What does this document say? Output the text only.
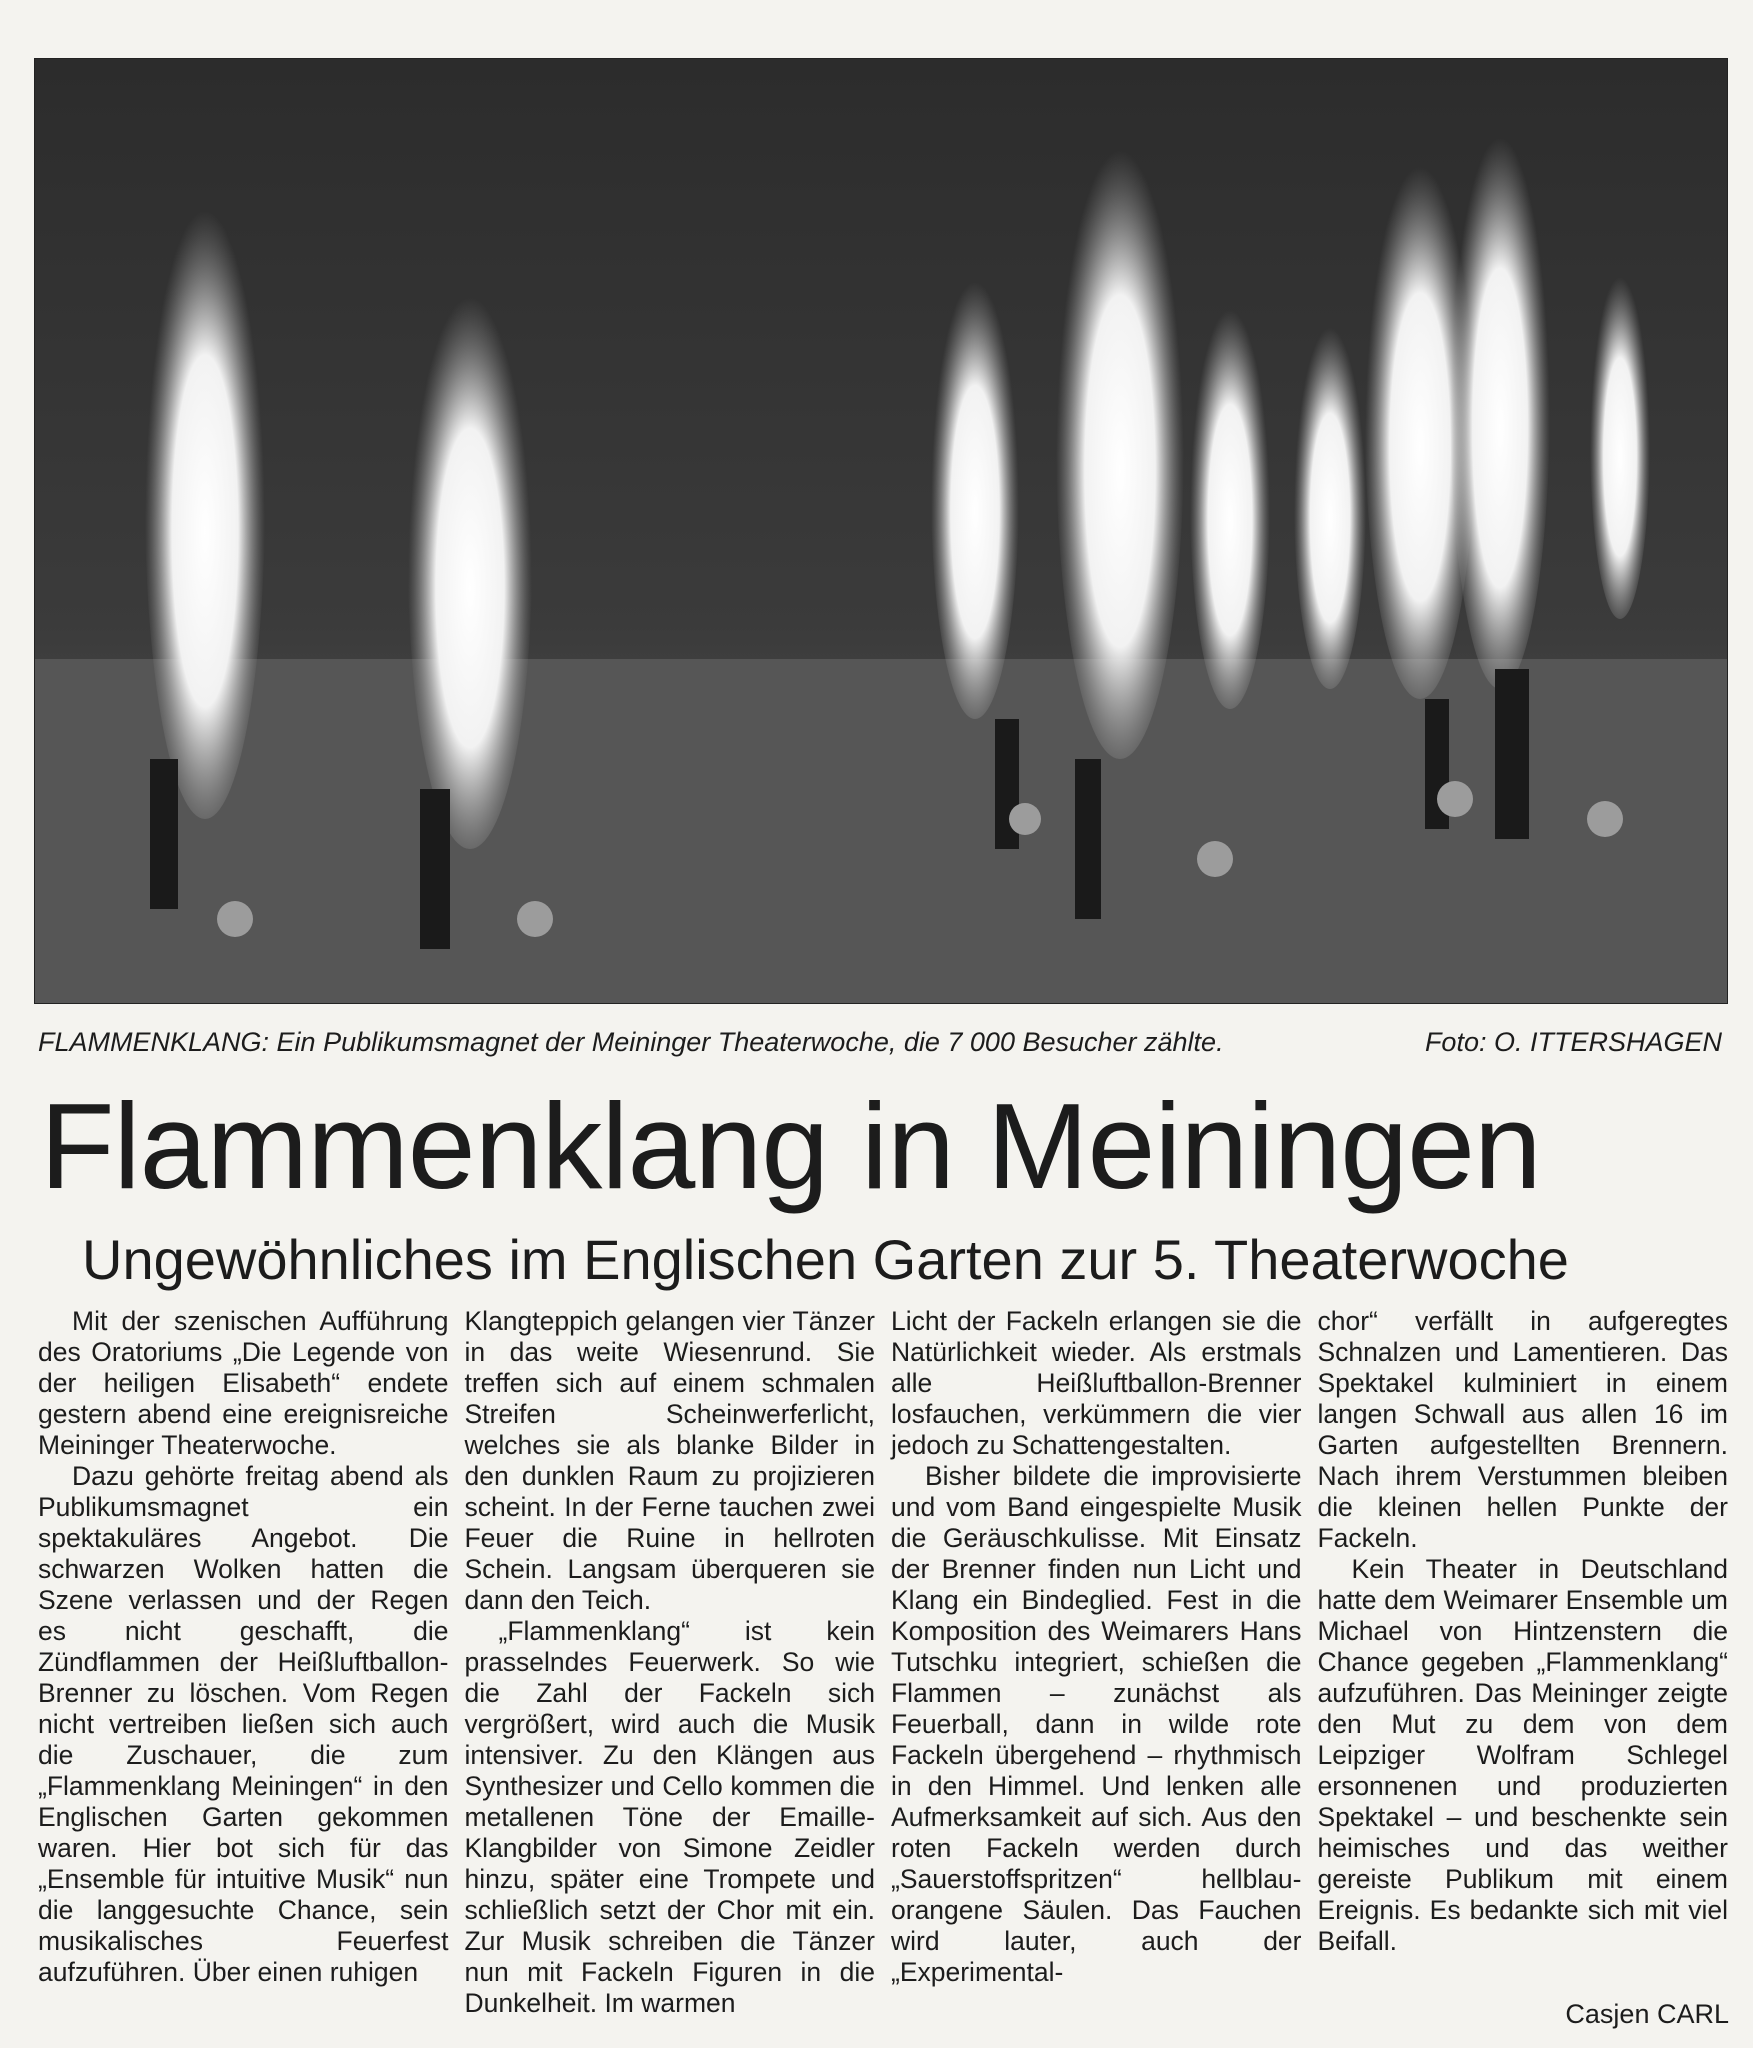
FLAMMENKLANG: Ein Publikumsmagnet der Meininger Theaterwoche, die 7 000 Besucher zählte.	Foto: O. ITTERSHAGEN
Flammenklang in Meiningen
Ungewöhnliches im Englischen Garten zur 5. Theaterwoche

Mit der szenischen Aufführung des Oratoriums „Die Legende von der heiligen Elisabeth“ endete gestern abend eine ereignisreiche Meininger Theaterwoche.

Dazu gehörte freitag abend als Publikumsmagnet ein spektakuläres Angebot. Die schwarzen Wolken hatten die Szene verlassen und der Regen es nicht geschafft, die Zündflammen der Heißluftballon-Brenner zu löschen. Vom Regen nicht vertreiben ließen sich auch die Zuschauer, die zum „Flammenklang Meiningen“ in den Englischen Garten gekommen waren. Hier bot sich für das „Ensemble für intuitive Musik“ nun die langgesuchte Chance, sein musikalisches Feuerfest aufzuführen. Über einen ruhigen

Klangteppich gelangen vier Tänzer in das weite Wiesenrund. Sie treffen sich auf einem schmalen Streifen Scheinwerferlicht, welches sie als blanke Bilder in den dunklen Raum zu projizieren scheint. In der Ferne tauchen zwei Feuer die Ruine in hellroten Schein. Langsam überqueren sie dann den Teich.

„Flammenklang“ ist kein prasselndes Feuerwerk. So wie die Zahl der Fackeln sich vergrößert, wird auch die Musik intensiver. Zu den Klängen aus Synthesizer und Cello kommen die metallenen Töne der Emaille-Klangbilder von Simone Zeidler hinzu, später eine Trompete und schließlich setzt der Chor mit ein. Zur Musik schreiben die Tänzer nun mit Fackeln Figuren in die Dunkelheit. Im warmen

Licht der Fackeln erlangen sie die Natürlichkeit wieder. Als erstmals alle Heißluftballon-Brenner losfauchen, verkümmern die vier jedoch zu Schattengestalten.

Bisher bildete die improvisierte und vom Band eingespielte Musik die Geräuschkulisse. Mit Einsatz der Brenner finden nun Licht und Klang ein Bindeglied. Fest in die Komposition des Weimarers Hans Tutschku integriert, schießen die Flammen – zunächst als Feuerball, dann in wilde rote Fackeln übergehend – rhythmisch in den Himmel. Und lenken alle Aufmerksamkeit auf sich. Aus den roten Fackeln werden durch „Sauerstoffspritzen“ hellblau-orangene Säulen. Das Fauchen wird lauter, auch der „Experimental-

chor“ verfällt in aufgeregtes Schnalzen und Lamentieren. Das Spektakel kulminiert in einem langen Schwall aus allen 16 im Garten aufgestellten Brennern. Nach ihrem Verstummen bleiben die kleinen hellen Punkte der Fackeln.

Kein Theater in Deutschland hatte dem Weimarer Ensemble um Michael von Hintzenstern die Chance gegeben „Flammenklang“ aufzuführen. Das Meininger zeigte den Mut zu dem von dem Leipziger Wolfram Schlegel ersonnenen und produzierten Spektakel – und beschenkte sein heimisches und das weither gereiste Publikum mit einem Ereignis. Es bedankte sich mit viel Beifall.

Casjen CARL
